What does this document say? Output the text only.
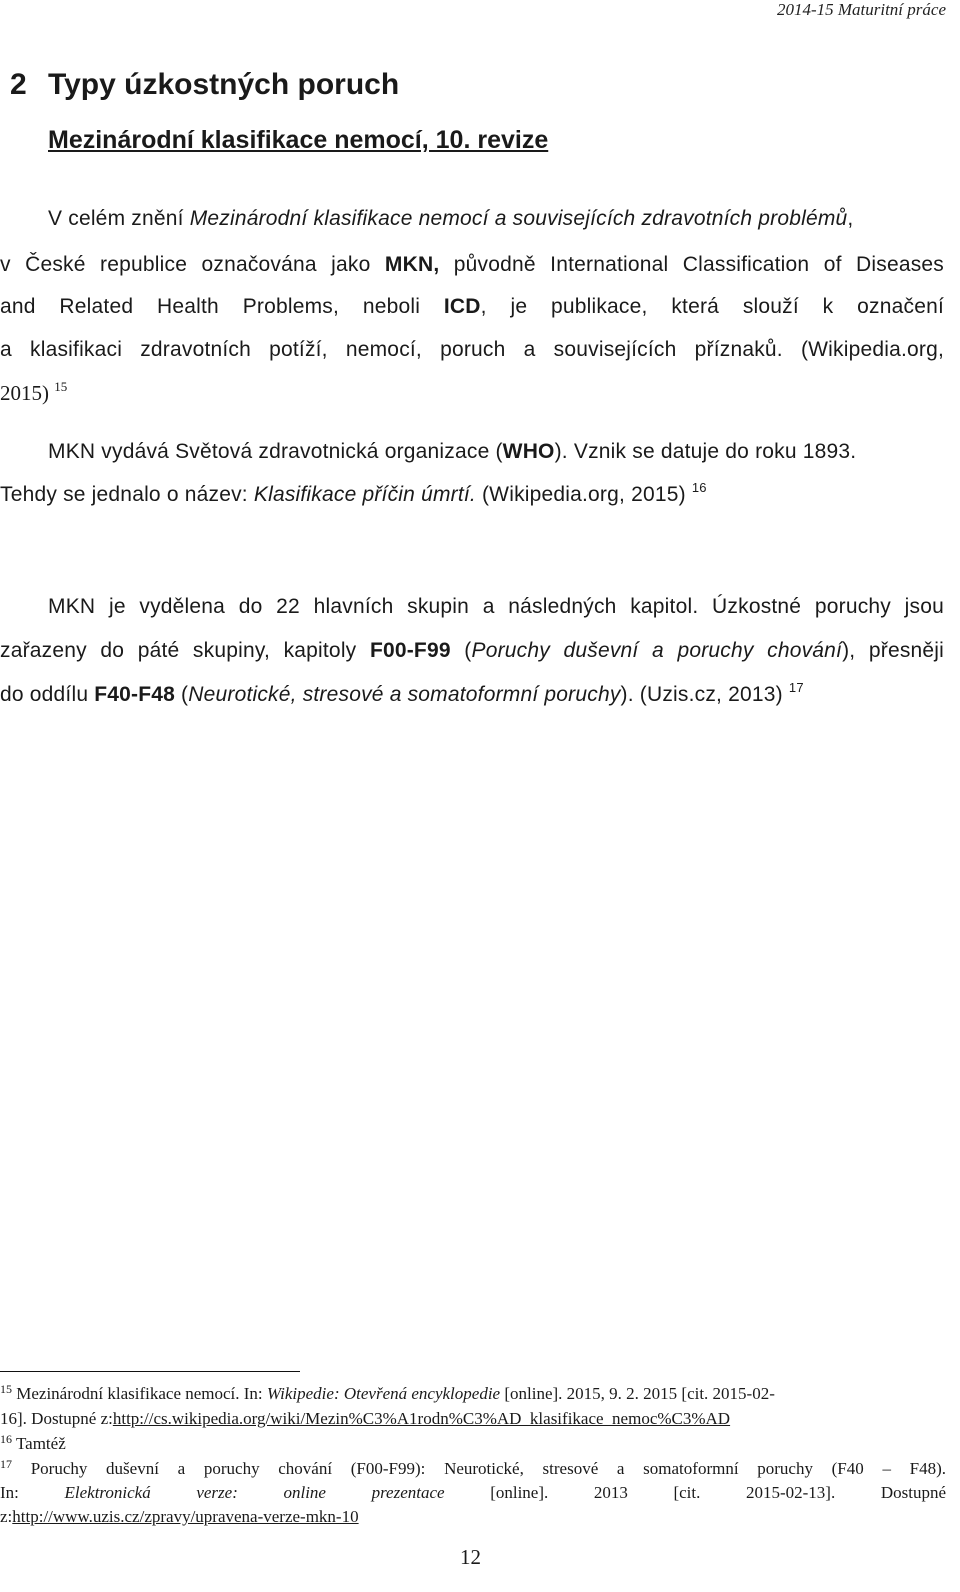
2014-15 Maturitní práce
2 Typy úzkostných poruch
Mezinárodní klasifikace nemocí, 10. revize
V celém znění Mezinárodní klasifikace nemocí a souvisejících zdravotních problémů,
v České republice označována jako MKN, původně International Classification of Diseases
and Related Health Problems, neboli ICD, je publikace, která slouží k označení
a klasifikaci zdravotních potíží, nemocí, poruch a souvisejících příznaků. (Wikipedia.org,
2015) $^{15}$
MKN vydává Světová zdravotnická organizace (WHO). Vznik se datuje do roku 1893.
Tehdy se jednalo o název: Klasifikace příčin úmrtí. (Wikipedia.org, 2015) $^{16}$
MKN je vydělena do 22 hlavních skupin a následných kapitol. Úzkostné poruchy jsou
zařazeny do páté skupiny, kapitoly F00-F99 (Poruchy duševní a poruchy chování), přesněji
do oddílu F40-F48 (Neurotické, stresové a somatoformní poruchy). (Uzis.cz, 2013) $^{17}$
$^{15}$ Mezinárodní klasifikace nemocí. In: Wikipedie: Otevřená encyklopedie [online]. 2015, 9. 2. 2015 [cit. 2015-02-
16]. Dostupné z:http://cs.wikipedia.org/wiki/Mezin%C3%A1rodn%C3%AD_klasifikace_nemoc%C3%AD
$^{16}$ Tamtéž
$^{17}$ Poruchy duševní a poruchy chování (F00-F99): Neurotické, stresové a somatoformní poruchy (F40 – F48).
In:	Elektronická verze: online prezentace	[online]. 2013 [cit. 2015-02-13]. Dostupné
z:http://www.uzis.cz/zpravy/upravena-verze-mkn-10
12
